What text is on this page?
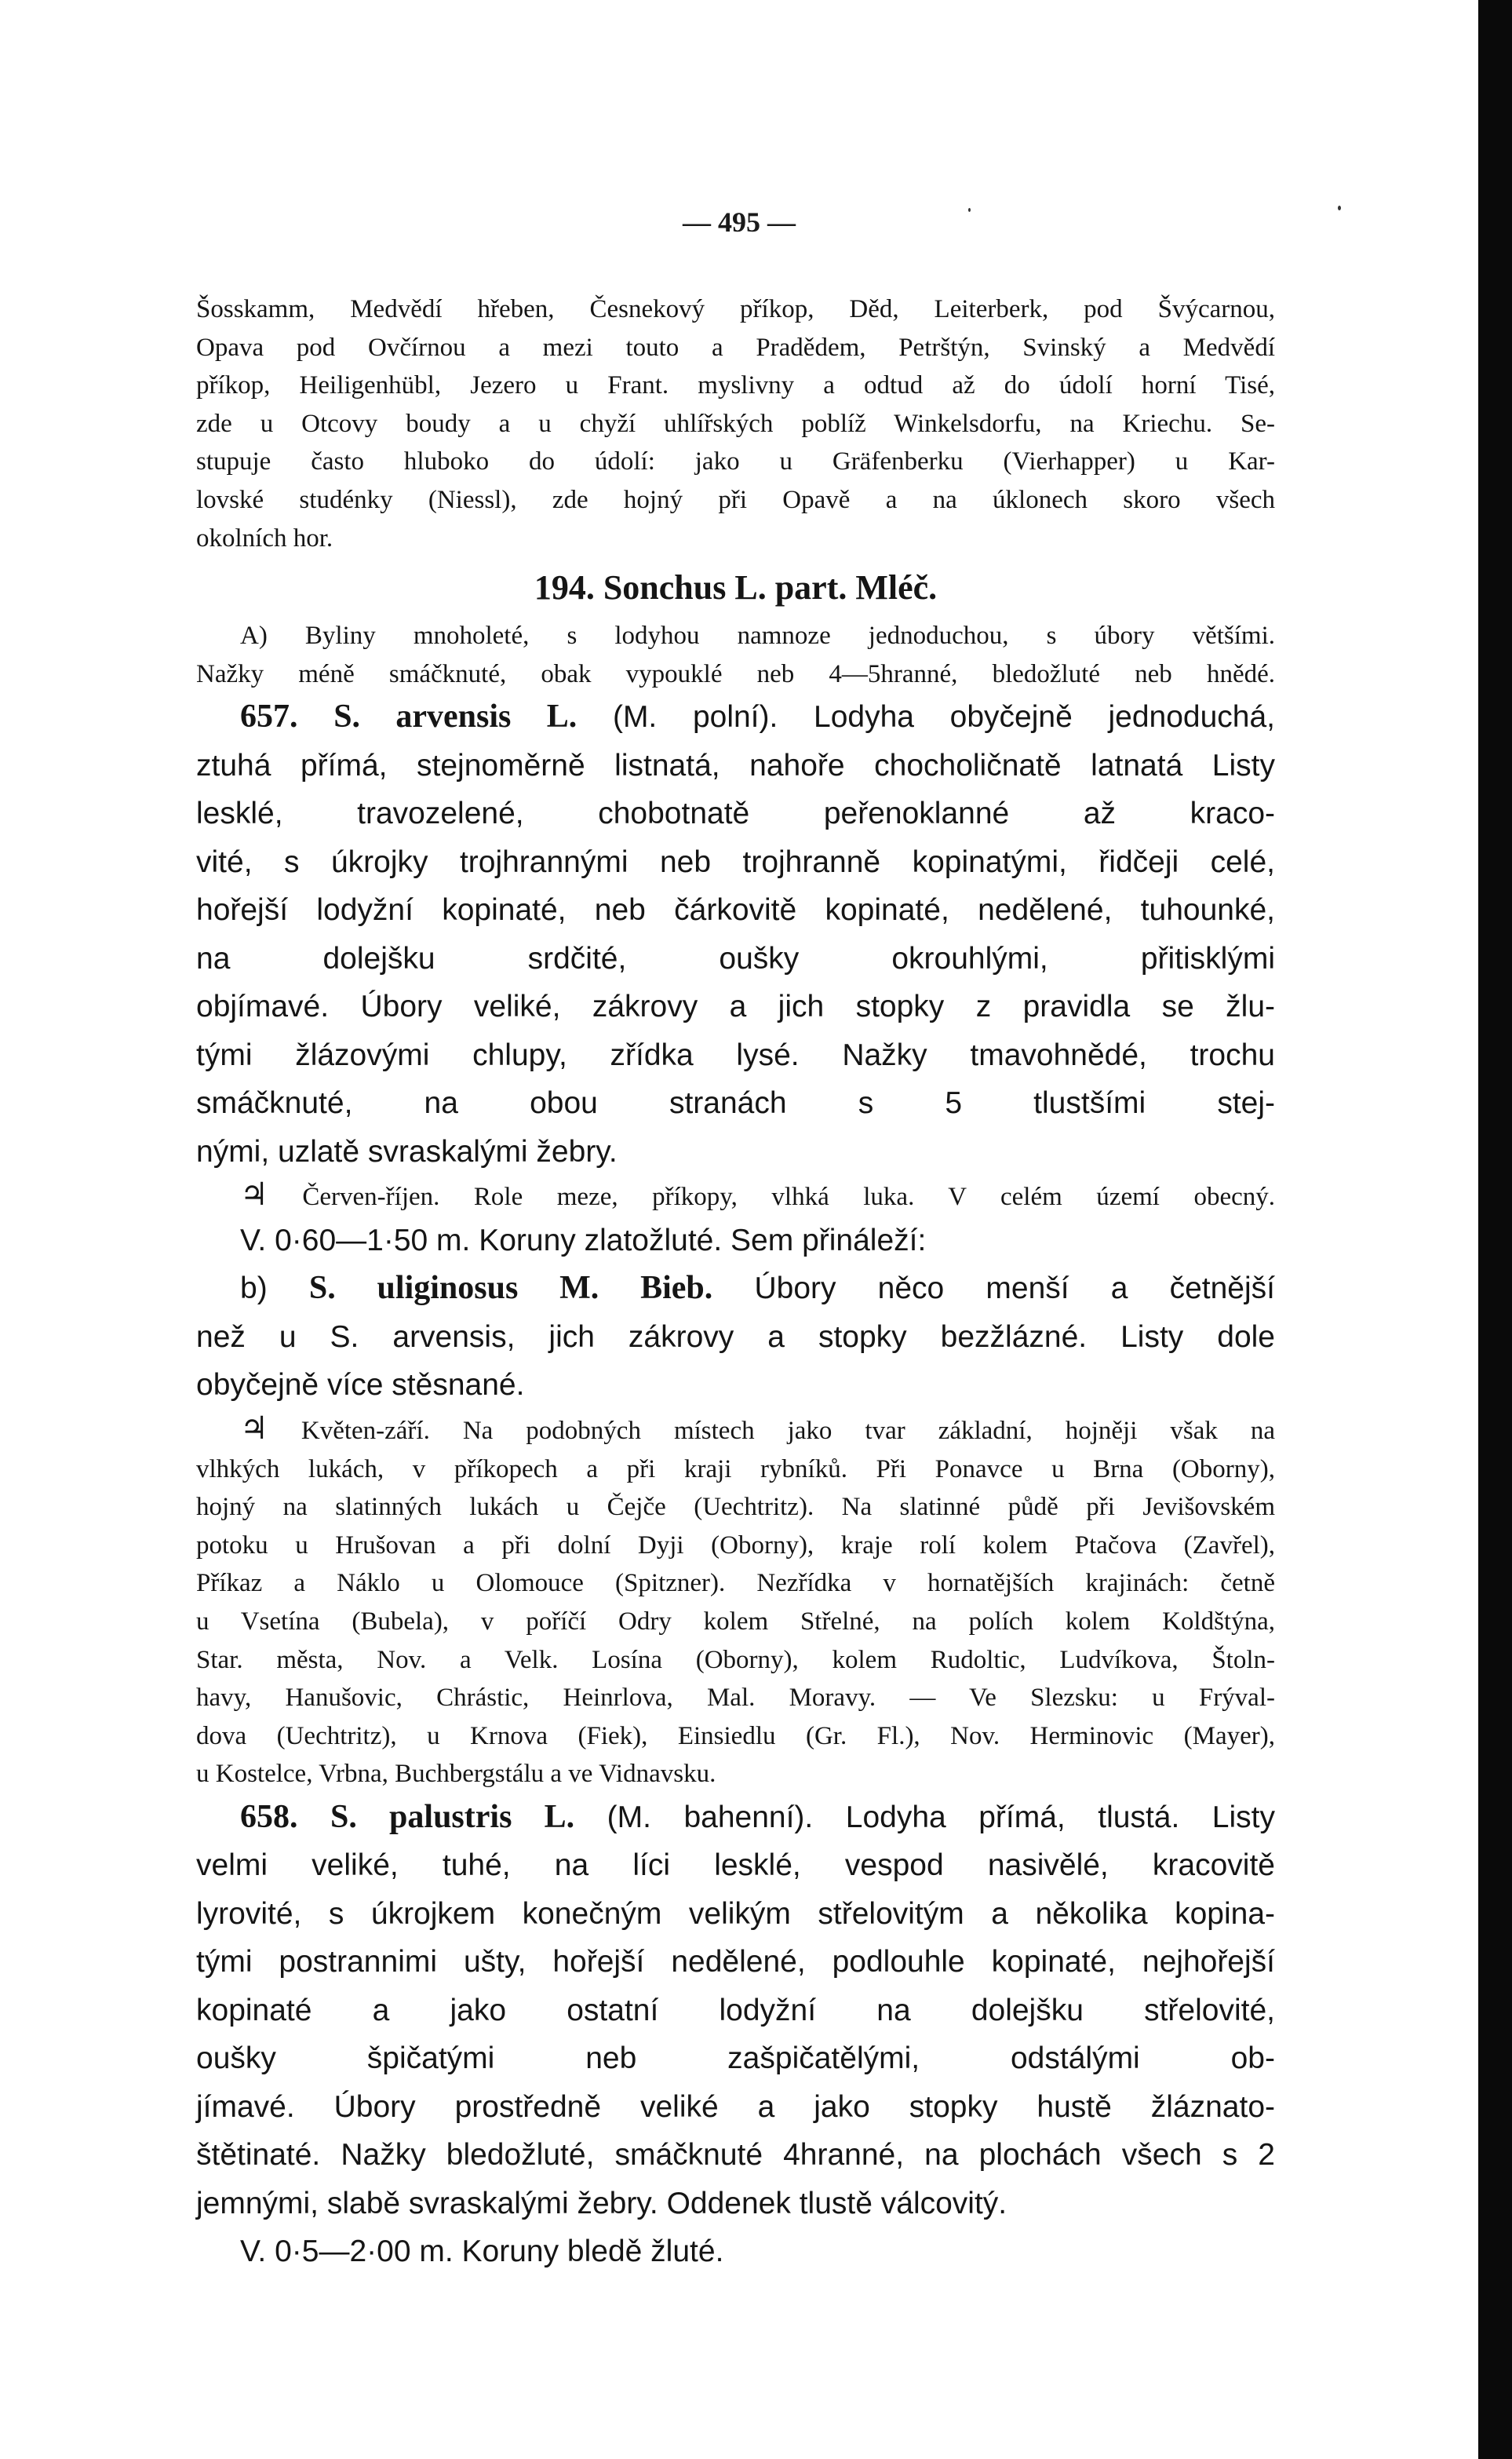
— 495 —

Šosskamm, Medvědí hřeben, Česnekový příkop, Děd, Leiterberk, pod Švýcarnou,

Opava pod Ovčírnou a mezi touto a Pradědem, Petrštýn, Svinský a Medvědí

příkop, Heiligenhübl, Jezero u Frant. myslivny a odtud až do údolí horní Tisé,

zde u Otcovy boudy a u chyží uhlířských poblíž Winkelsdorfu, na Kriechu. Se-

stupuje často hluboko do údolí: jako u Gräfenberku (Vierhapper) u Kar-

lovské studénky (Niessl), zde hojný při Opavě a na úklonech skoro všech

okolních hor.

194. Sonchus L. part. Mléč.

A) Byliny mnoholeté, s lodyhou namnoze jednoduchou, s úbory většími.

Nažky méně smáčknuté, obak vypouklé neb 4—5hranné, bledožluté neb hnědé.

657. S. arvensis L. (M. polní). Lodyha obyčejně jednoduchá,

ztuhá přímá, stejnoměrně listnatá, nahoře chocholičnatě latnatá Listy

lesklé, travozelené, chobotnatě peřenoklanné až kraco-

vité, s úkrojky trojhrannými neb trojhranně kopinatými, řidčeji celé,

hořejší lodyžní kopinaté, neb čárkovitě kopinaté, nedělené, tuhounké,

na dolejšku srdčité, oušky okrouhlými, přitisklými

objímavé. Úbory veliké, zákrovy a jich stopky z pravidla se žlu-

tými žlázovými chlupy, zřídka lysé. Nažky tmavohnědé, trochu

smáčknuté, na obou stranách s 5 tlustšími stej-

nými, uzlatě svraskalými žebry.

♃ Červen-říjen. Role meze, příkopy, vlhká luka. V celém území obecný.

V. 0·60—1·50 m. Koruny zlatožluté. Sem přináleží:

b) S. uliginosus M. Bieb. Úbory něco menší a četnější

než u S. arvensis, jich zákrovy a stopky bezžlázné. Listy dole

obyčejně více stěsnané.

♃ Květen-září. Na podobných místech jako tvar základní, hojněji však na

vlhkých lukách, v příkopech a při kraji rybníků. Při Ponavce u Brna (Oborny),

hojný na slatinných lukách u Čejče (Uechtritz). Na slatinné půdě při Jevišovském

potoku u Hrušovan a při dolní Dyji (Oborny), kraje rolí kolem Ptačova (Zavřel),

Příkaz a Náklo u Olomouce (Spitzner). Nezřídka v hornatějších krajinách: četně

u Vsetína (Bubela), v poříčí Odry kolem Střelné, na polích kolem Koldštýna,

Star. města, Nov. a Velk. Losína (Oborny), kolem Rudoltic, Ludvíkova, Štoln-

havy, Hanušovic, Chrástic, Heinrlova, Mal. Moravy. — Ve Slezsku: u Frýval-

dova (Uechtritz), u Krnova (Fiek), Einsiedlu (Gr. Fl.), Nov. Herminovic (Mayer),

u Kostelce, Vrbna, Buchbergstálu a ve Vidnavsku.

658. S. palustris L. (M. bahenní). Lodyha přímá, tlustá. Listy

velmi veliké, tuhé, na líci lesklé, vespod nasivělé, kracovitě

lyrovité, s úkrojkem konečným velikým střelovitým a několika kopina-

tými postrannimi ušty, hořejší nedělené, podlouhle kopinaté, nejhořejší

kopinaté a jako ostatní lodyžní na dolejšku střelovité,

oušky špičatými neb zašpičatělými, odstálými ob-

jímavé. Úbory prostředně veliké a jako stopky hustě žláznato-

štětinaté. Nažky bledožluté, smáčknuté 4hranné, na plochách všech s 2

jemnými, slabě svraskalými žebry. Oddenek tlustě válcovitý.

V. 0·5—2·00 m. Koruny bledě žluté.
